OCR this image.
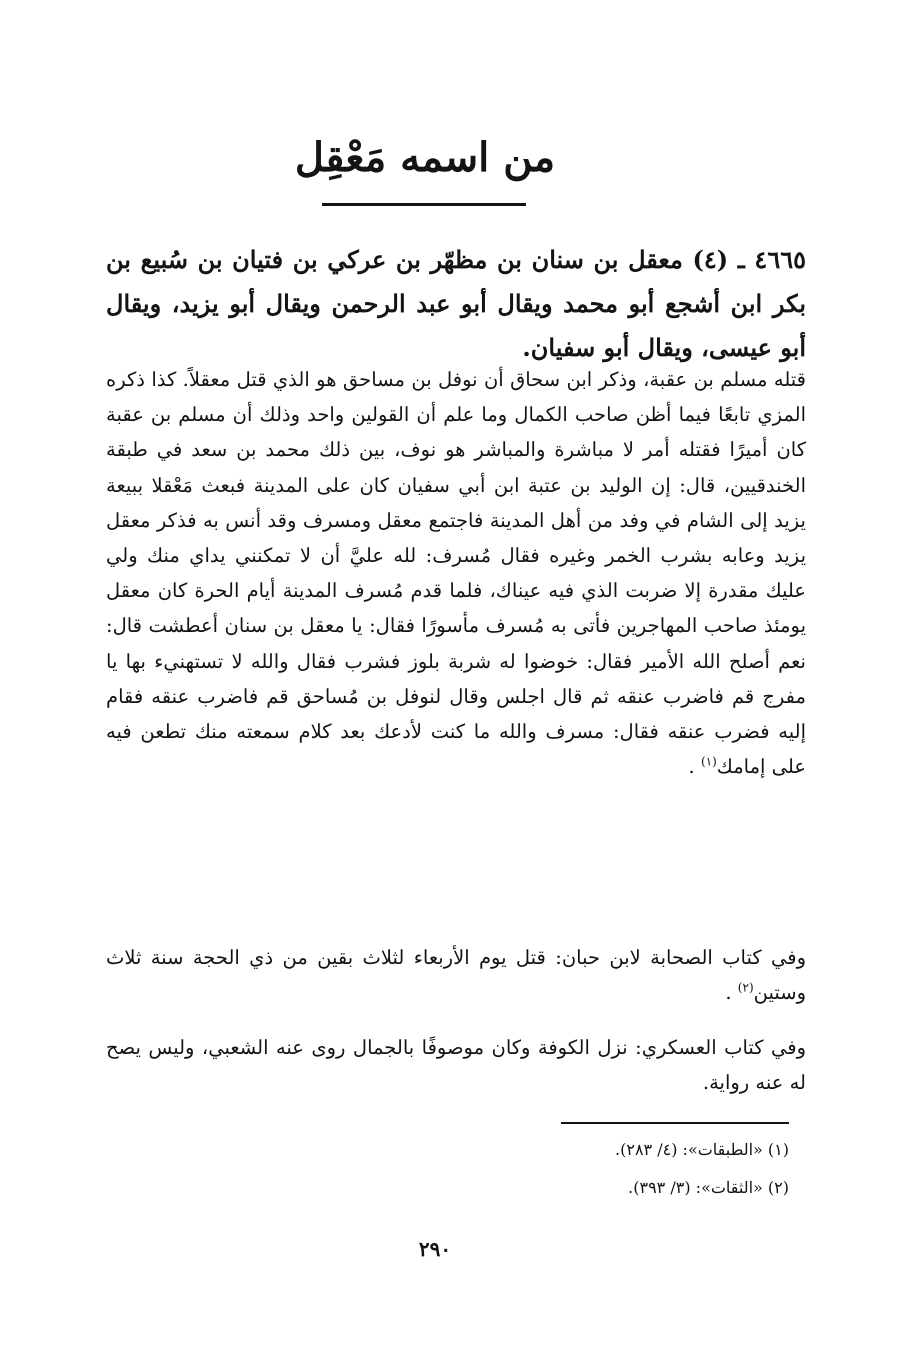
من اسمه مَعْقِل

٤٦٦٥ ـ (٤) معقل بن سنان بن مظهّر بن عركي بن فتيان بن سُبيع بن بكر ابن أشجع أبو محمد ويقال أبو عبد الرحمن ويقال أبو يزيد، ويقال أبو عيسى، ويقال أبو سفيان.

قتله مسلم بن عقبة، وذكر ابن سحاق أن نوفل بن مساحق هو الذي قتل معقلاً. كذا ذكره المزي تابعًا فيما أظن صاحب الكمال وما علم أن القولين واحد وذلك أن مسلم بن عقبة كان أميرًا فقتله أمر لا مباشرة والمباشر هو نوف، بين ذلك محمد بن سعد في طبقة الخندقيين، قال: إن الوليد بن عتبة ابن أبي سفيان كان على المدينة فبعث مَعْقلا ببيعة يزيد إلى الشام في وفد من أهل المدينة فاجتمع معقل ومسرف وقد أنس به فذكر معقل يزيد وعابه بشرب الخمر وغيره فقال مُسرف: لله عليَّ أن لا تمكنني يداي منك ولي عليك مقدرة إلا ضربت الذي فيه عيناك، فلما قدم مُسرف المدينة أيام الحرة كان معقل يومئذ صاحب المهاجرين فأتى به مُسرف مأسورًا فقال: يا معقل بن سنان أعطشت قال: نعم أصلح الله الأمير فقال: خوضوا له شربة بلوز فشرب فقال والله لا تستهنيء بها يا مفرج قم فاضرب عنقه ثم قال اجلس وقال لنوفل بن مُساحق قم فاضرب عنقه فقام إليه فضرب عنقه فقال: مسرف والله ما كنت لأدعك بعد كلام سمعته منك تطعن فيه على إمامك$^{(١)}$ .

وفي كتاب الصحابة لابن حبان: قتل يوم الأربعاء لثلاث بقين من ذي الحجة سنة ثلاث وستين$^{(٢)}$ .

وفي كتاب العسكري: نزل الكوفة وكان موصوفًا بالجمال روى عنه الشعبي، وليس يصح له عنه رواية.

(١) «الطبقات»: (٤/ ٢٨٣).
(٢) «الثقات»: (٣/ ٣٩٣).
٢٩٠
